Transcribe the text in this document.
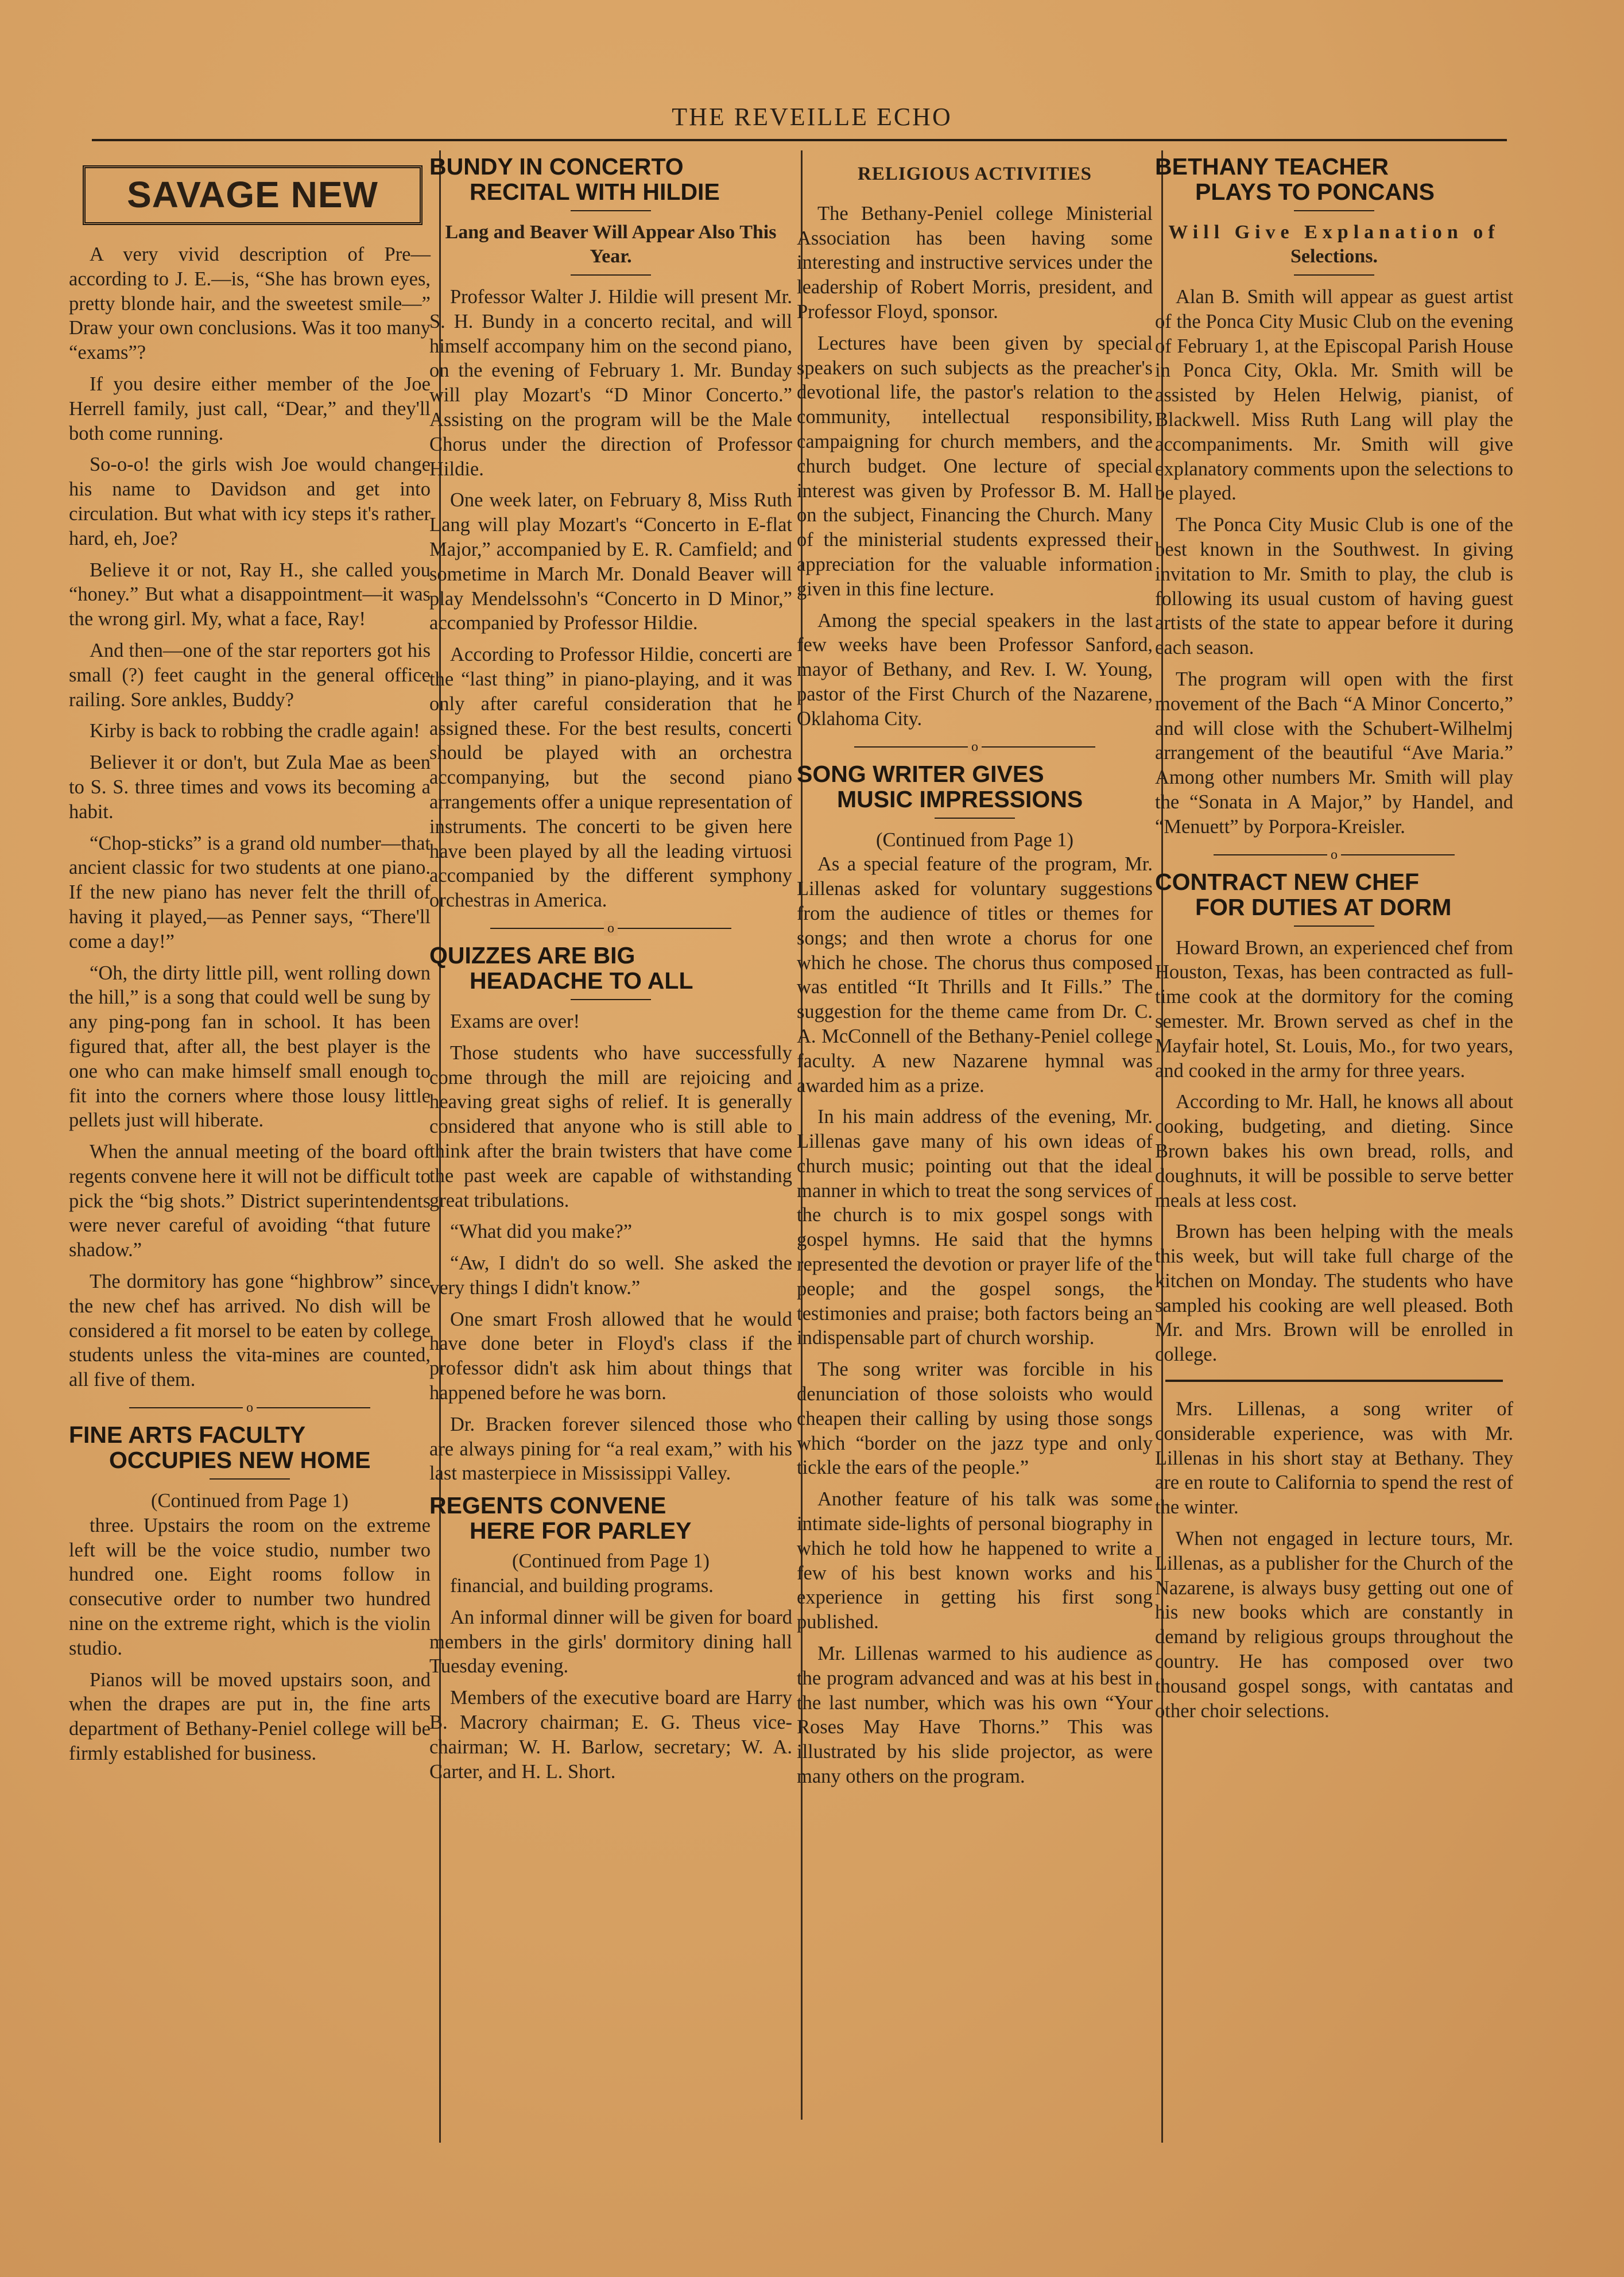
THE REVEILLE ECHO
SAVAGE NEW

A very vivid description of Pre— according to J. E.—is, “She has brown eyes, pretty blonde hair, and the sweetest smile—” Draw your own conclusions. Was it too many “exams”?

If you desire either member of the Joe Herrell family, just call, “Dear,” and they'll both come running.

So-o-o! the girls wish Joe would change his name to Davidson and get into circulation. But what with icy steps it's rather hard, eh, Joe?

Believe it or not, Ray H., she called you “honey.” But what a disappointment—it was the wrong girl. My, what a face, Ray!

And then—one of the star reporters got his small (?) feet caught in the general office railing. Sore ankles, Buddy?

Kirby is back to robbing the cradle again!

Believer it or don't, but Zula Mae as been to S. S. three times and vows its becoming a habit.

“Chop-sticks” is a grand old number—that ancient classic for two students at one piano. If the new piano has never felt the thrill of having it played,—as Penner says, “There'll come a day!”

“Oh, the dirty little pill, went rolling down the hill,” is a song that could well be sung by any ping-pong fan in school. It has been figured that, after all, the best player is the one who can make himself small enough to fit into the corners where those lousy little pellets just will hiberate.

When the annual meeting of the board of regents convene here it will not be difficult to pick the “big shots.” District superintendents were never careful of avoiding “that future shadow.”

The dormitory has gone “highbrow” since the new chef has arrived. No dish will be considered a fit morsel to be eaten by college students unless the vita-mines are counted, all five of them.

o
FINE ARTS FACULTY
OCCUPIES NEW HOME

(Continued from Page 1)

three. Upstairs the room on the extreme left will be the voice studio, number two hundred one. Eight rooms follow in consecutive order to number two hundred nine on the extreme right, which is the violin studio.

Pianos will be moved upstairs soon, and when the drapes are put in, the fine arts department of Bethany-Peniel college will be firmly established for business.

BUNDY IN CONCERTO
RECITAL WITH HILDIE
Lang and Beaver Will Appear Also This Year.

Professor Walter J. Hildie will present Mr. S. H. Bundy in a concerto recital, and will himself accompany him on the second piano, on the evening of February 1. Mr. Bunday will play Mozart's “D Minor Concerto.” Assisting on the program will be the Male Chorus under the direction of Professor Hildie.

One week later, on February 8, Miss Ruth Lang will play Mozart's “Concerto in E-flat Major,” accompanied by E. R. Camfield; and sometime in March Mr. Donald Beaver will play Mendelssohn's “Concerto in D Minor,” accompanied by Professor Hildie.

According to Professor Hildie, concerti are the “last thing” in piano-playing, and it was only after careful consideration that he assigned these. For the best results, concerti should be played with an orchestra accompanying, but the second piano arrangements offer a unique representation of instruments. The concerti to be given here have been played by all the leading virtuosi accompanied by the different symphony orchestras in America.

o
QUIZZES ARE BIG
HEADACHE TO ALL

Exams are over!

Those students who have successfully come through the mill are rejoicing and heaving great sighs of relief. It is generally considered that anyone who is still able to think after the brain twisters that have come the past week are capable of withstanding great tribulations.

“What did you make?”

“Aw, I didn't do so well. She asked the very things I didn't know.”

One smart Frosh allowed that he would have done beter in Floyd's class if the professor didn't ask him about things that happened before he was born.

Dr. Bracken forever silenced those who are always pining for “a real exam,” with his last masterpiece in Mississippi Valley.

REGENTS CONVENE
HERE FOR PARLEY

(Continued from Page 1)

financial, and building programs.

An informal dinner will be given for board members in the girls' dormitory dining hall Tuesday evening.

Members of the executive board are Harry B. Macrory chairman; E. G. Theus vice-chairman; W. H. Barlow, secretary; W. A. Carter, and H. L. Short.

RELIGIOUS ACTIVITIES

The Bethany-Peniel college Ministerial Association has been having some interesting and instructive services under the leadership of Robert Morris, president, and Professor Floyd, sponsor.

Lectures have been given by special speakers on such subjects as the preacher's devotional life, the pastor's relation to the community, intellectual responsibility, campaigning for church members, and the church budget. One lecture of special interest was given by Professor B. M. Hall on the subject, Financing the Church. Many of the ministerial students expressed their appreciation for the valuable information given in this fine lecture.

Among the special speakers in the last few weeks have been Professor Sanford, mayor of Bethany, and Rev. I. W. Young, pastor of the First Church of the Nazarene, Oklahoma City.

o
SONG WRITER GIVES
MUSIC IMPRESSIONS

(Continued from Page 1)

As a special feature of the program, Mr. Lillenas asked for voluntary suggestions from the audience of titles or themes for songs; and then wrote a chorus for one which he chose. The chorus thus composed was entitled “It Thrills and It Fills.” The suggestion for the theme came from Dr. C. A. McConnell of the Bethany-Peniel college faculty. A new Nazarene hymnal was awarded him as a prize.

In his main address of the evening, Mr. Lillenas gave many of his own ideas of church music; pointing out that the ideal manner in which to treat the song services of the church is to mix gospel songs with gospel hymns. He said that the hymns represented the devotion or prayer life of the people; and the gospel songs, the testimonies and praise; both factors being an indispensable part of church worship.

The song writer was forcible in his denunciation of those soloists who would cheapen their calling by using those songs which “border on the jazz type and only tickle the ears of the people.”

Another feature of his talk was some intimate side-lights of personal biography in which he told how he happened to write a few of his best known works and his experience in getting his first song published.

Mr. Lillenas warmed to his audience as the program advanced and was at his best in the last number, which was his own “Your Roses May Have Thorns.” This was illustrated by his slide projector, as were many others on the program.

BETHANY TEACHER
PLAYS TO PONCANS
Will Give Explanation of
Selections.

Alan B. Smith will appear as guest artist of the Ponca City Music Club on the evening of February 1, at the Episcopal Parish House in Ponca City, Okla. Mr. Smith will be assisted by Helen Helwig, pianist, of Blackwell. Miss Ruth Lang will play the accompaniments. Mr. Smith will give explanatory comments upon the selections to be played.

The Ponca City Music Club is one of the best known in the Southwest. In giving invitation to Mr. Smith to play, the club is following its usual custom of having guest artists of the state to appear before it during each season.

The program will open with the first movement of the Bach “A Minor Concerto,” and will close with the Schubert-Wilhelmj arrangement of the beautiful “Ave Maria.” Among other numbers Mr. Smith will play the “Sonata in A Major,” by Handel, and “Menuett” by Porpora-Kreisler.

o
CONTRACT NEW CHEF
FOR DUTIES AT DORM

Howard Brown, an experienced chef from Houston, Texas, has been contracted as full-time cook at the dormitory for the coming semester. Mr. Brown served as chef in the Mayfair hotel, St. Louis, Mo., for two years, and cooked in the army for three years.

According to Mr. Hall, he knows all about cooking, budgeting, and dieting. Since Brown bakes his own bread, rolls, and doughnuts, it will be possible to serve better meals at less cost.

Brown has been helping with the meals this week, but will take full charge of the kitchen on Monday. The students who have sampled his cooking are well pleased. Both Mr. and Mrs. Brown will be enrolled in college.

Mrs. Lillenas, a song writer of considerable experience, was with Mr. Lillenas in his short stay at Bethany. They are en route to California to spend the rest of the winter.

When not engaged in lecture tours, Mr. Lillenas, as a publisher for the Church of the Nazarene, is always busy getting out one of his new books which are constantly in demand by religious groups throughout the country. He has composed over two thousand gospel songs, with cantatas and other choir selections.
